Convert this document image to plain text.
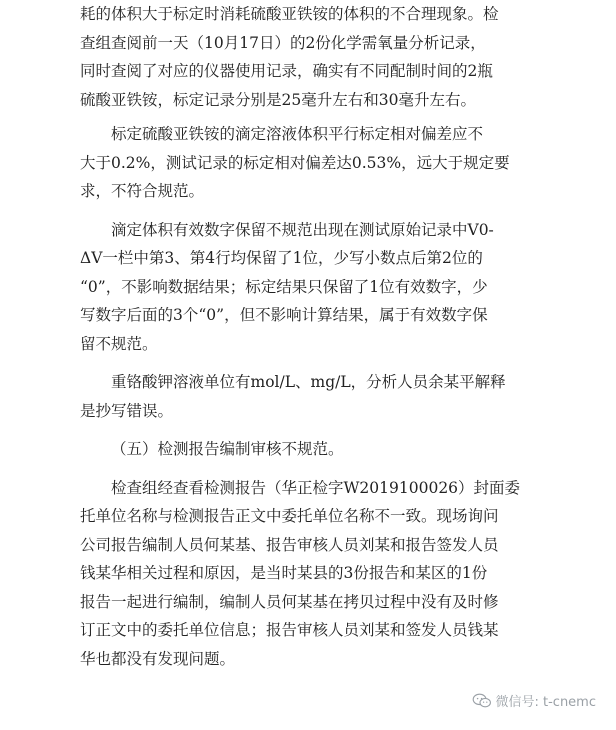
耗的体积大于标定时消耗硫酸亚铁铵的体积的不合理现象。检
查组查阅前一天（10月17日）的2份化学需氧量分析记录，
同时查阅了对应的仪器使用记录，确实有不同配制时间的2瓶
硫酸亚铁铵，标定记录分别是25毫升左右和30毫升左右。
标定硫酸亚铁铵的滴定溶液体积平行标定相对偏差应不
大于0.2%，测试记录的标定相对偏差达0.53%，远大于规定要
求，不符合规范。
滴定体积有效数字保留不规范出现在测试原始记录中V0-
ΔV一栏中第3、第4行均保留了1位，少写小数点后第2位的
“0”，不影响数据结果；标定结果只保留了1位有效数字，少
写数字后面的3个“0”，但不影响计算结果，属于有效数字保
留不规范。
重铬酸钾溶液单位有mol/L、mg/L，分析人员余某平解释
是抄写错误。
（五）检测报告编制审核不规范。
检查组经查看检测报告（华正检字W2019100026）封面委
托单位名称与检测报告正文中委托单位名称不一致。现场询问
公司报告编制人员何某基、报告审核人员刘某和报告签发人员
钱某华相关过程和原因，是当时某县的3份报告和某区的1份
报告一起进行编制，编制人员何某基在拷贝过程中没有及时修
订正文中的委托单位信息；报告审核人员刘某和签发人员钱某
华也都没有发现问题。
微信号: t-cnemc
